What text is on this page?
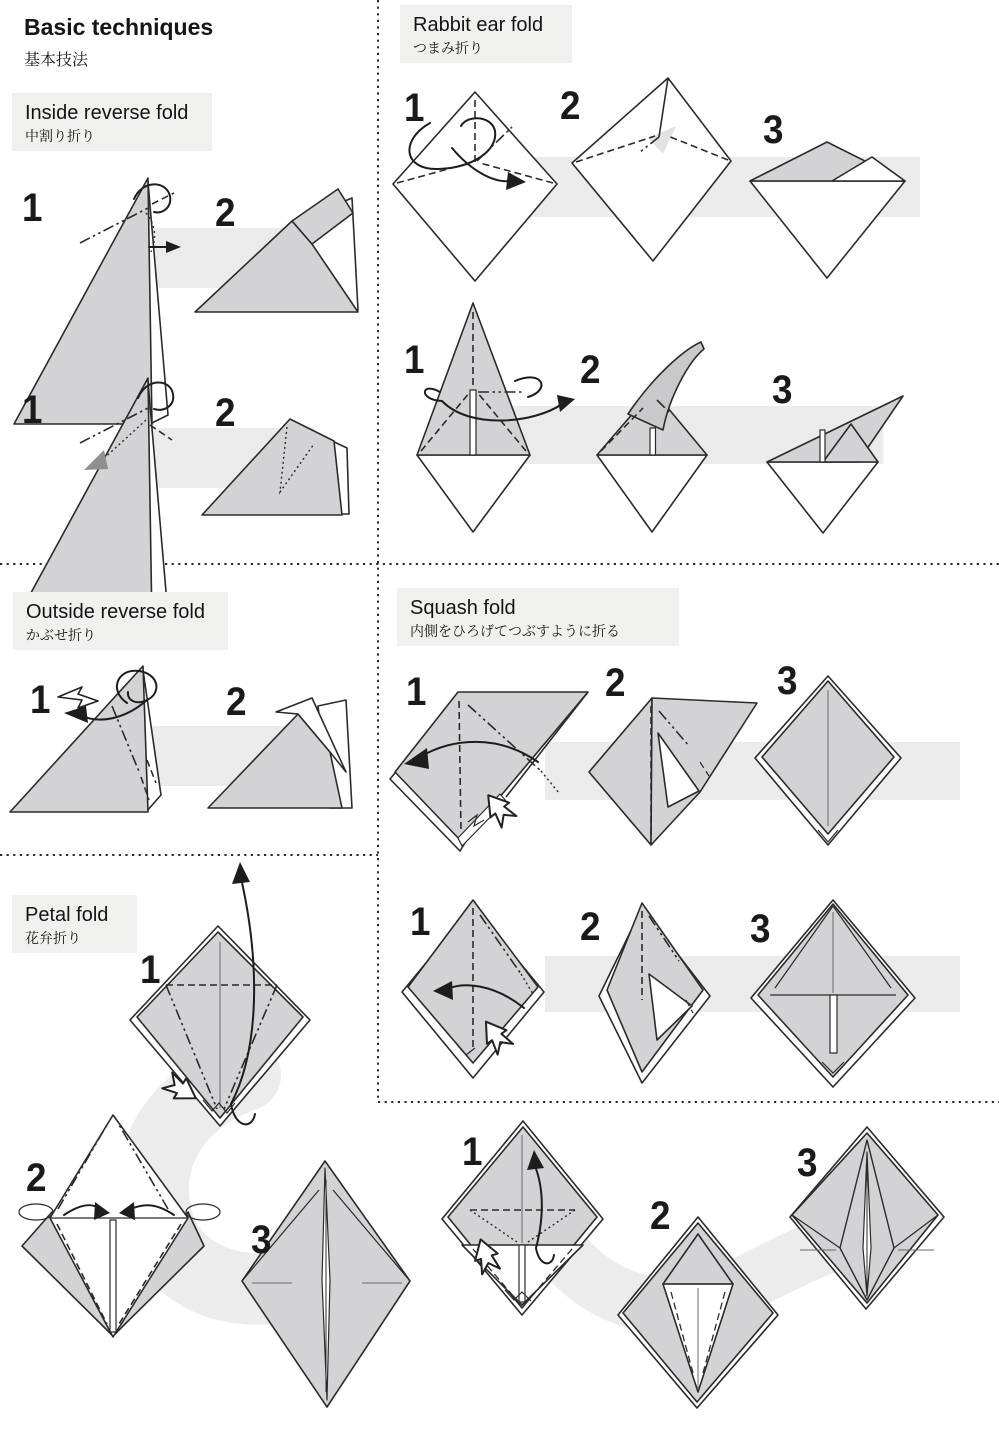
Basic techniques
基本技法
Inside reverse fold
中割り折り
Rabbit ear fold
つまみ折り
Outside reverse fold
かぶせ折り
Squash fold
内側をひろげてつぶすように折る
Petal fold
花弁折り
1	2
1	2
1	2
3
1	2	3
1	2	1	2	3
1	2	3
1
2
3
1
2
3
